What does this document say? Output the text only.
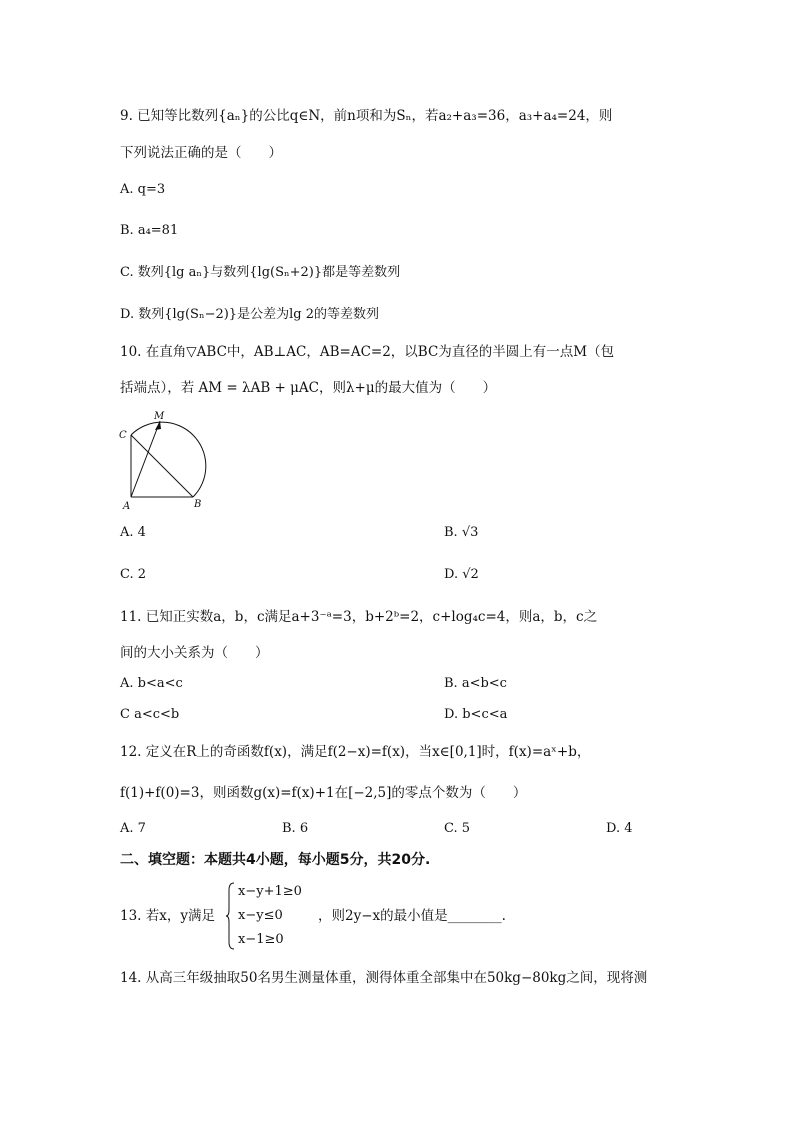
9. 已知等比数列{aₙ}的公比q∈N，前n项和为Sₙ，若a₂+a₃=36，a₃+a₄=24，则
下列说法正确的是（　　）
A. q=3
B. a₄=81
C. 数列{lg aₙ}与数列{lg(Sₙ+2)}都是等差数列
D. 数列{lg(Sₙ−2)}是公差为lg 2的等差数列
10. 在直角▽ABC中，AB⊥AC，AB=AC=2，以BC为直径的半圆上有一点M（包
括端点），若 AM = λAB + μAC，则λ+μ的最大值为（　　）
M
C
A	B
A. 4	B. √3
C. 2	D. √2
11. 已知正实数a，b，c满足a+3⁻ᵃ=3，b+2ᵇ=2，c+log₄c=4，则a，b，c之
间的大小关系为（　　）
A. b<a<c	B. a<b<c
C a<c<b	D. b<c<a
12. 定义在R上的奇函数f(x)，满足f(2−x)=f(x)，当x∈[0,1]时，f(x)=aˣ+b，
f(1)+f(0)=3，则函数g(x)=f(x)+1在[−2,5]的零点个数为（　　）
A. 7	B. 6	C. 5	D. 4
二、填空题：本题共4小题，每小题5分，共20分.
13. 若x，y满足
x−y+1≥0
x−y≤0
x−1≥0
，则2y−x的最小值是________.
14. 从高三年级抽取50名男生测量体重，测得体重全部集中在50kg−80kg之间，现将测
